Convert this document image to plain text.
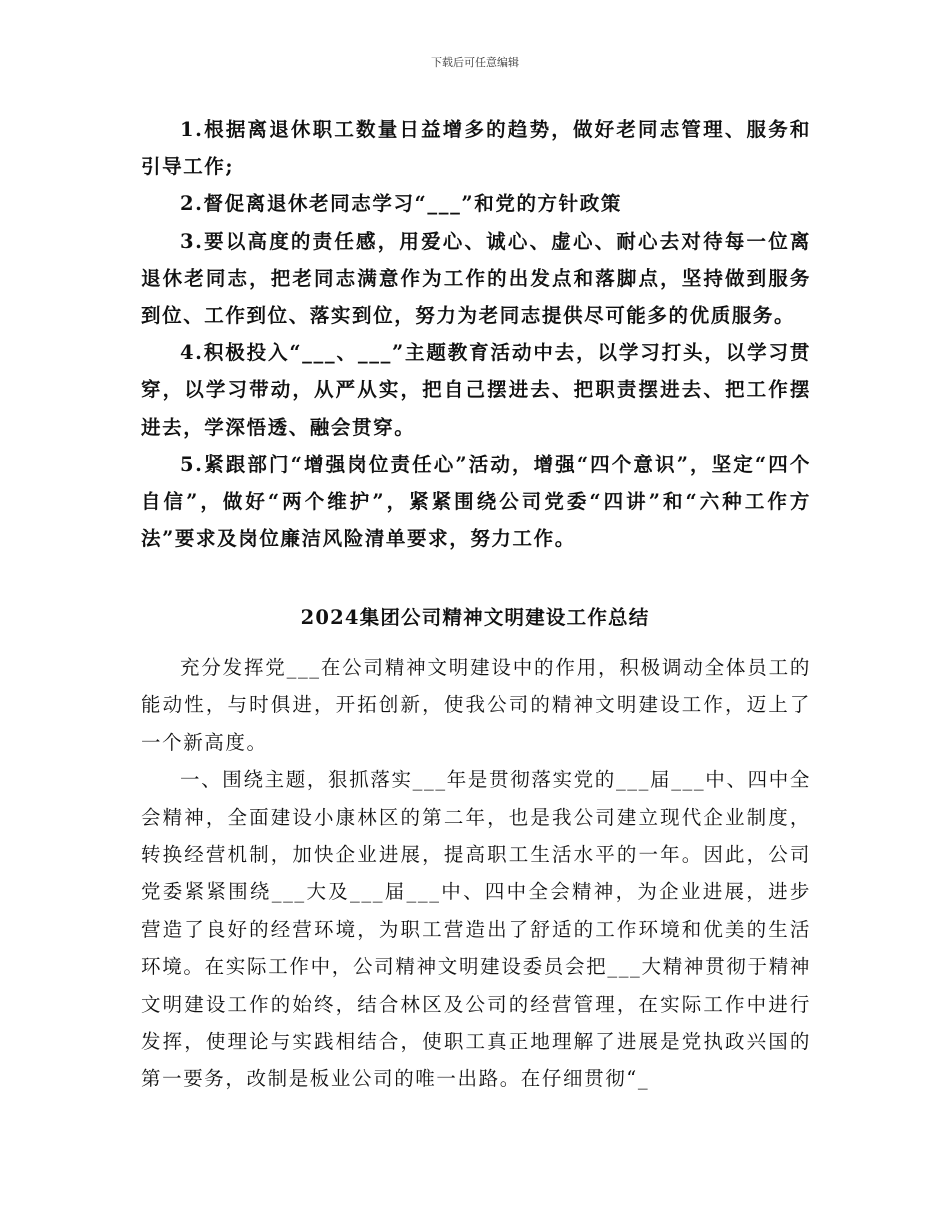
下载后可任意编辑

1.根据离退休职工数量日益增多的趋势，做好老同志管理、服务和引导工作;

2.督促离退休老同志学习“___”和党的方针政策

3.要以高度的责任感，用爱心、诚心、虚心、耐心去对待每一位离退休老同志，把老同志满意作为工作的出发点和落脚点，坚持做到服务到位、工作到位、落实到位，努力为老同志提供尽可能多的优质服务。

4.积极投入“___、___”主题教育活动中去，以学习打头，以学习贯穿，以学习带动，从严从实，把自己摆进去、把职责摆进去、把工作摆进去，学深悟透、融会贯穿。

5.紧跟部门“增强岗位责任心”活动，增强“四个意识”，坚定“四个自信”，做好“两个维护”，紧紧围绕公司党委“四讲”和“六种工作方法”要求及岗位廉洁风险清单要求，努力工作。

2024集团公司精神文明建设工作总结

充分发挥党___在公司精神文明建设中的作用，积极调动全体员工的能动性，与时俱进，开拓创新，使我公司的精神文明建设工作，迈上了一个新高度。

一、围绕主题，狠抓落实___年是贯彻落实党的___届___中、四中全会精神，全面建设小康林区的第二年，也是我公司建立现代企业制度，转换经营机制，加快企业进展，提高职工生活水平的一年。因此，公司党委紧紧围绕___大及___届___中、四中全会精神，为企业进展，进步营造了良好的经营环境，为职工营造出了舒适的工作环境和优美的生活环境。在实际工作中，公司精神文明建设委员会把___大精神贯彻于精神文明建设工作的始终，结合林区及公司的经营管理，在实际工作中进行发挥，使理论与实践相结合，使职工真正地理解了进展是党执政兴国的第一要务，改制是板业公司的唯一出路。在仔细贯彻“_
